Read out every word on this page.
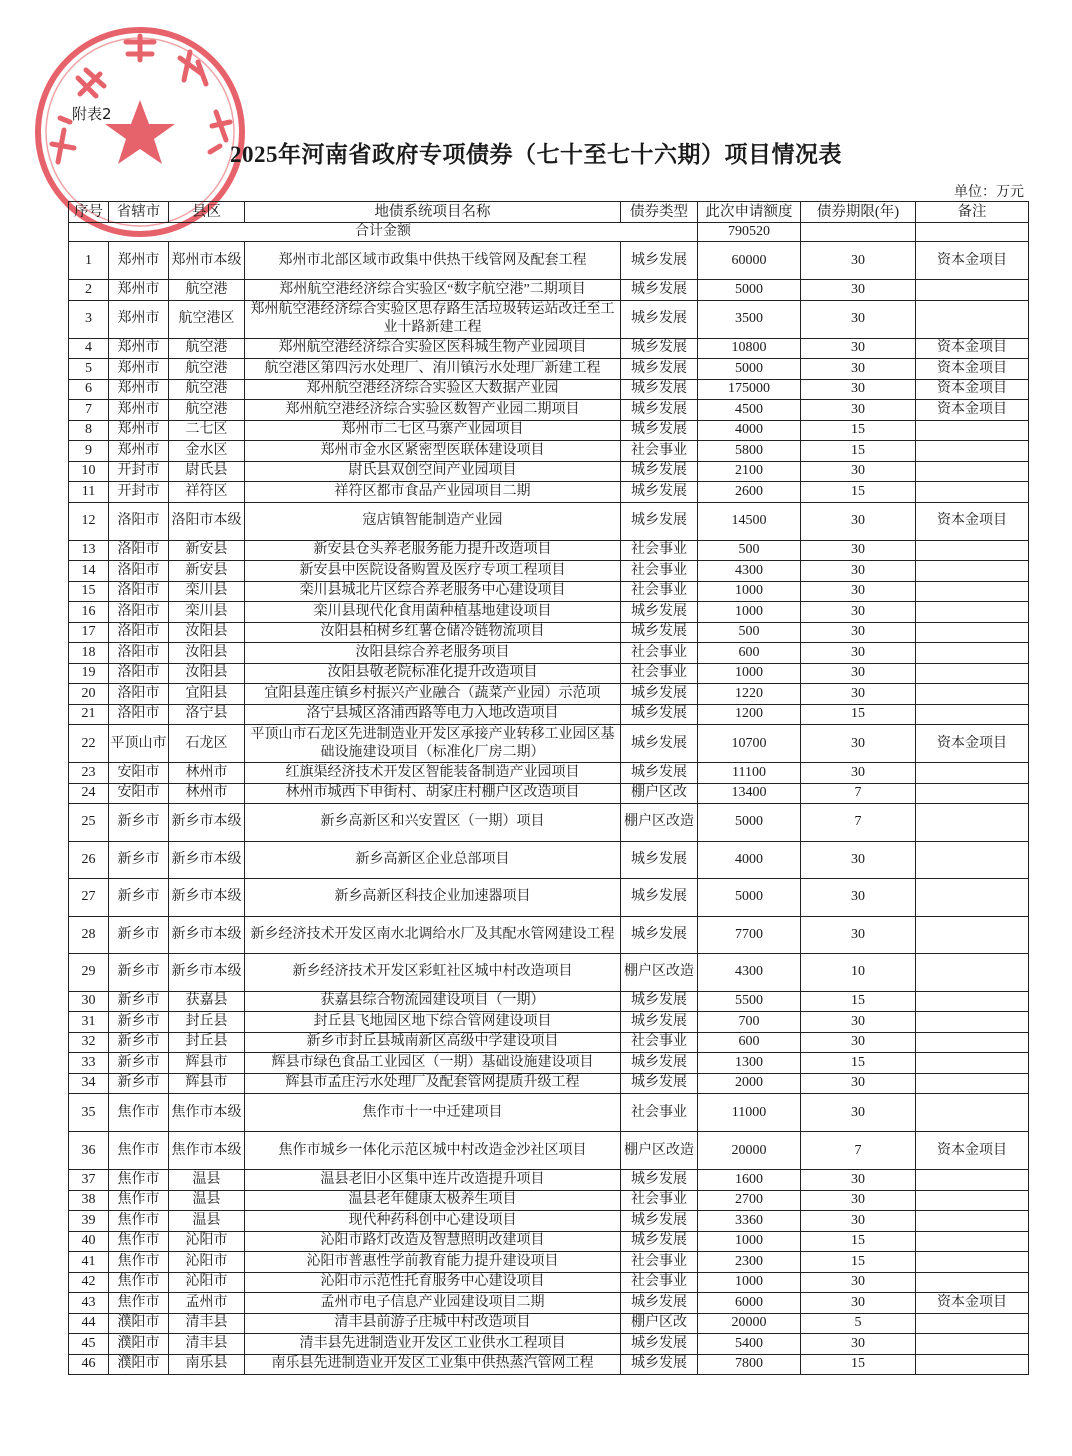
附表2
2025年河南省政府专项债券（七十至七十六期）项目情况表
单位：万元
序号	省辖市	县区	地债系统项目名称	债券类型	此次申请额度	债券期限(年)	备注
合计金额					790520		
1	郑州市	郑州市本级	郑州市北部区域市政集中供热干线管网及配套工程	城乡发展	60000	30	资本金项目
2	郑州市	航空港	郑州航空港经济综合实验区“数字航空港”二期项目	城乡发展	5000	30	
3	郑州市	航空港区	郑州航空港经济综合实验区思存路生活垃圾转运站改迁至工业十路新建工程	城乡发展	3500	30	
4	郑州市	航空港	郑州航空港经济综合实验区医科城生物产业园项目	城乡发展	10800	30	资本金项目
5	郑州市	航空港	航空港区第四污水处理厂、洧川镇污水处理厂新建工程	城乡发展	5000	30	资本金项目
6	郑州市	航空港	郑州航空港经济综合实验区大数据产业园	城乡发展	175000	30	资本金项目
7	郑州市	航空港	郑州航空港经济综合实验区数智产业园二期项目	城乡发展	4500	30	资本金项目
8	郑州市	二七区	郑州市二七区马寨产业园项目	城乡发展	4000	15	
9	郑州市	金水区	郑州市金水区紧密型医联体建设项目	社会事业	5800	15	
10	开封市	尉氏县	尉氏县双创空间产业园项目	城乡发展	2100	30	
11	开封市	祥符区	祥符区都市食品产业园项目二期	城乡发展	2600	15	
12	洛阳市	洛阳市本级	寇店镇智能制造产业园	城乡发展	14500	30	资本金项目
13	洛阳市	新安县	新安县仓头养老服务能力提升改造项目	社会事业	500	30	
14	洛阳市	新安县	新安县中医院设备购置及医疗专项工程项目	社会事业	4300	30	
15	洛阳市	栾川县	栾川县城北片区综合养老服务中心建设项目	社会事业	1000	30	
16	洛阳市	栾川县	栾川县现代化食用菌种植基地建设项目	城乡发展	1000	30	
17	洛阳市	汝阳县	汝阳县柏树乡红薯仓储冷链物流项目	城乡发展	500	30	
18	洛阳市	汝阳县	汝阳县综合养老服务项目	社会事业	600	30	
19	洛阳市	汝阳县	汝阳县敬老院标准化提升改造项目	社会事业	1000	30	
20	洛阳市	宜阳县	宜阳县莲庄镇乡村振兴产业融合（蔬菜产业园）示范项	城乡发展	1220	30	
21	洛阳市	洛宁县	洛宁县城区洛浦西路等电力入地改造项目	城乡发展	1200	15	
22	平顶山市	石龙区	平顶山市石龙区先进制造业开发区承接产业转移工业园区基础设施建设项目（标准化厂房二期）	城乡发展	10700	30	资本金项目
23	安阳市	林州市	红旗渠经济技术开发区智能装备制造产业园项目	城乡发展	11100	30	
24	安阳市	林州市	林州市城西下申街村、胡家庄村棚户区改造项目	棚户区改	13400	7	
25	新乡市	新乡市本级	新乡高新区和兴安置区（一期）项目	棚户区改造	5000	7	
26	新乡市	新乡市本级	新乡高新区企业总部项目	城乡发展	4000	30	
27	新乡市	新乡市本级	新乡高新区科技企业加速器项目	城乡发展	5000	30	
28	新乡市	新乡市本级	新乡经济技术开发区南水北调给水厂及其配水管网建设工程	城乡发展	7700	30	
29	新乡市	新乡市本级	新乡经济技术开发区彩虹社区城中村改造项目	棚户区改造	4300	10	
30	新乡市	获嘉县	获嘉县综合物流园建设项目（一期）	城乡发展	5500	15	
31	新乡市	封丘县	封丘县飞地园区地下综合管网建设项目	城乡发展	700	30	
32	新乡市	封丘县	新乡市封丘县城南新区高级中学建设项目	社会事业	600	30	
33	新乡市	辉县市	辉县市绿色食品工业园区（一期）基础设施建设项目	城乡发展	1300	15	
34	新乡市	辉县市	辉县市孟庄污水处理厂及配套管网提质升级工程	城乡发展	2000	30	
35	焦作市	焦作市本级	焦作市十一中迁建项目	社会事业	11000	30	
36	焦作市	焦作市本级	焦作市城乡一体化示范区城中村改造金沙社区项目	棚户区改造	20000	7	资本金项目
37	焦作市	温县	温县老旧小区集中连片改造提升项目	城乡发展	1600	30	
38	焦作市	温县	温县老年健康太极养生项目	社会事业	2700	30	
39	焦作市	温县	现代种药科创中心建设项目	城乡发展	3360	30	
40	焦作市	沁阳市	沁阳市路灯改造及智慧照明改建项目	城乡发展	1000	15	
41	焦作市	沁阳市	沁阳市普惠性学前教育能力提升建设项目	社会事业	2300	15	
42	焦作市	沁阳市	沁阳市示范性托育服务中心建设项目	社会事业	1000	30	
43	焦作市	孟州市	孟州市电子信息产业园建设项目二期	城乡发展	6000	30	资本金项目
44	濮阳市	清丰县	清丰县前游子庄城中村改造项目	棚户区改	20000	5	
45	濮阳市	清丰县	清丰县先进制造业开发区工业供水工程项目	城乡发展	5400	30	
46	濮阳市	南乐县	南乐县先进制造业开发区工业集中供热蒸汽管网工程	城乡发展	7800	15	
